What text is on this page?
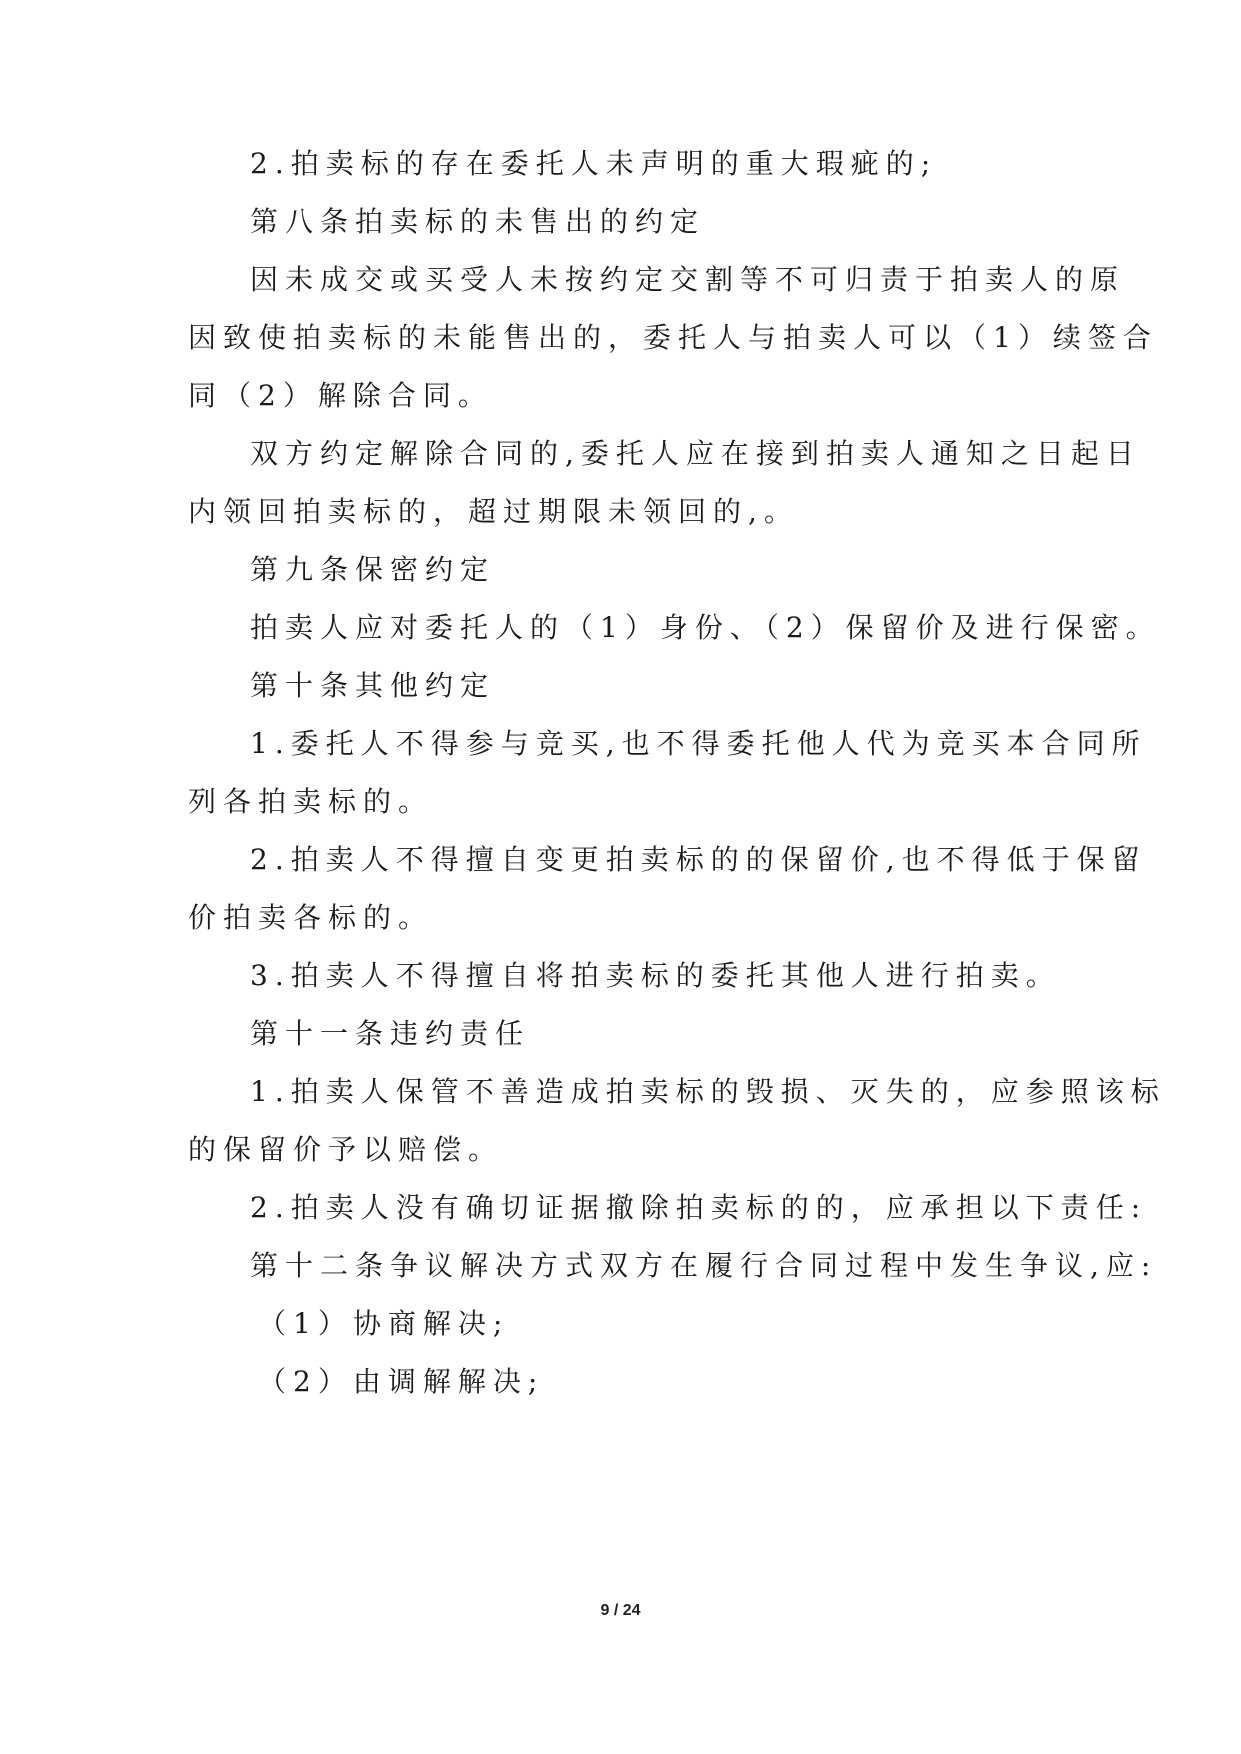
2.拍卖标的存在委托人未声明的重大瑕疵的;
第八条拍卖标的未售出的约定
因未成交或买受人未按约定交割等不可归责于拍卖人的原
因致使拍卖标的未能售出的，委托人与拍卖人可以（1）续签合
同（2）解除合同。
双方约定解除合同的,委托人应在接到拍卖人通知之日起日
内领回拍卖标的，超过期限未领回的,。
第九条保密约定
拍卖人应对委托人的（1）身份、（2）保留价及进行保密。
第十条其他约定
1.委托人不得参与竞买,也不得委托他人代为竞买本合同所
列各拍卖标的。
2.拍卖人不得擅自变更拍卖标的的保留价,也不得低于保留
价拍卖各标的。
3.拍卖人不得擅自将拍卖标的委托其他人进行拍卖。
第十一条违约责任
1.拍卖人保管不善造成拍卖标的毁损、灭失的，应参照该标
的保留价予以赔偿。
2.拍卖人没有确切证据撤除拍卖标的的，应承担以下责任:
第十二条争议解决方式双方在履行合同过程中发生争议,应:
（1）协商解决;
（2）由调解解决;
9 / 24
